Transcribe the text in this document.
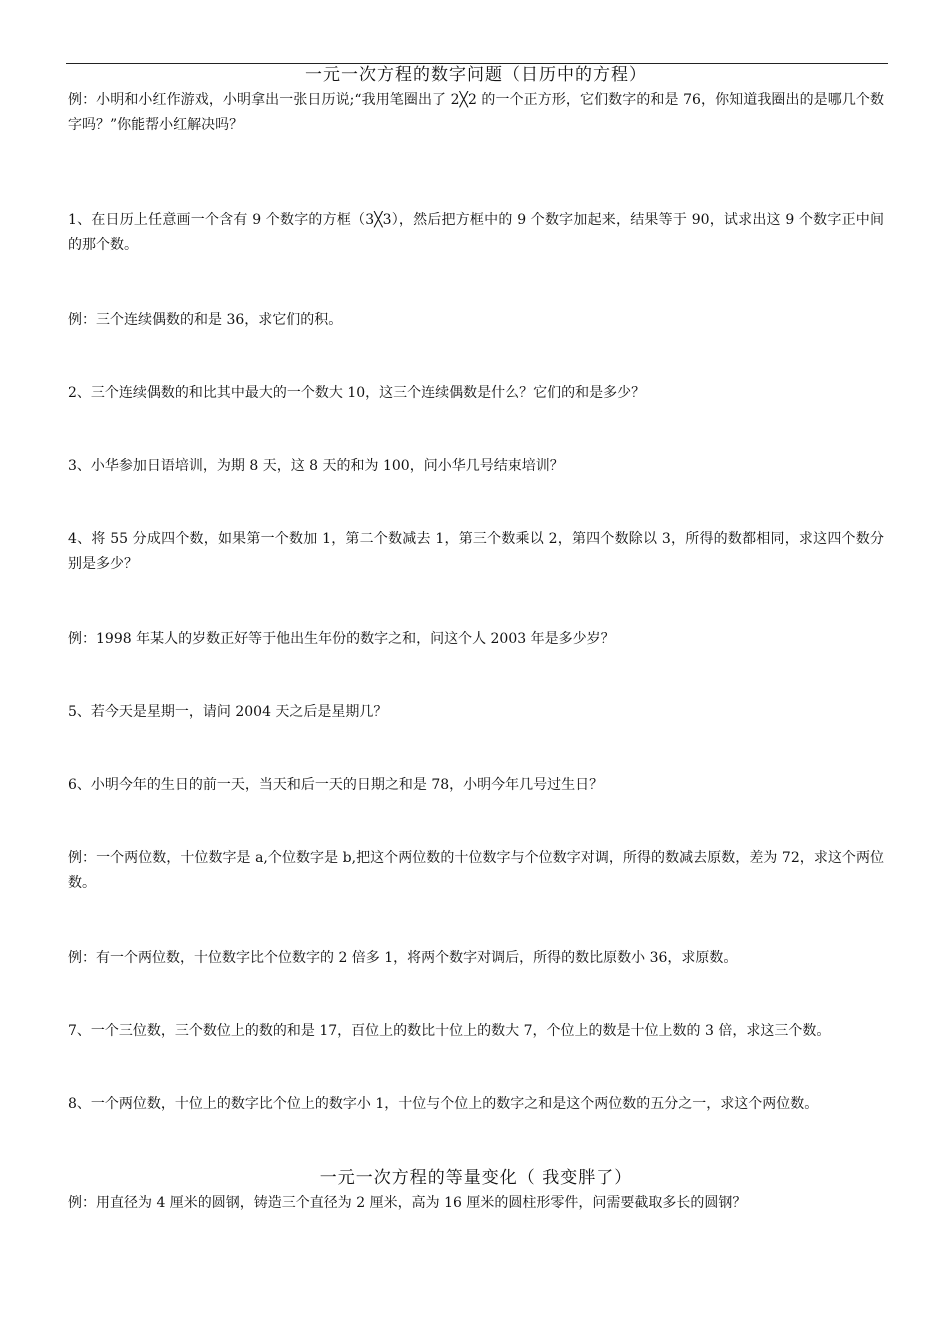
一元一次方程的数字问题（日历中的方程）

例：小明和小红作游戏，小明拿出一张日历说;“我用笔圈出了 2╳2 的一个正方形，它们数字的和是 76，你知道我圈出的是哪几个数字吗？”你能帮小红解决吗？

1、在日历上任意画一个含有 9 个数字的方框（3╳3），然后把方框中的 9 个数字加起来，结果等于 90，试求出这 9 个数字正中间的那个数。

例：三个连续偶数的和是 36，求它们的积。

2、三个连续偶数的和比其中最大的一个数大 10，这三个连续偶数是什么？它们的和是多少？

3、小华参加日语培训，为期 8 天，这 8 天的和为 100，问小华几号结束培训？

4、将 55 分成四个数，如果第一个数加 1，第二个数减去 1，第三个数乘以 2，第四个数除以 3，所得的数都相同，求这四个数分别是多少？

例：1998 年某人的岁数正好等于他出生年份的数字之和，问这个人 2003 年是多少岁？

5、若今天是星期一，请问 2004 天之后是星期几？

6、小明今年的生日的前一天，当天和后一天的日期之和是 78，小明今年几号过生日？

例：一个两位数，十位数字是 a,个位数字是 b,把这个两位数的十位数字与个位数字对调，所得的数减去原数，差为 72，求这个两位数。

例：有一个两位数，十位数字比个位数字的 2 倍多 1，将两个数字对调后，所得的数比原数小 36，求原数。

7、一个三位数，三个数位上的数的和是 17，百位上的数比十位上的数大 7，个位上的数是十位上数的 3 倍，求这三个数。

8、一个两位数，十位上的数字比个位上的数字小 1，十位与个位上的数字之和是这个两位数的五分之一，求这个两位数。

一元一次方程的等量变化（ 我变胖了）

例：用直径为 4 厘米的圆钢，铸造三个直径为 2 厘米，高为 16 厘米的圆柱形零件，问需要截取多长的圆钢？
